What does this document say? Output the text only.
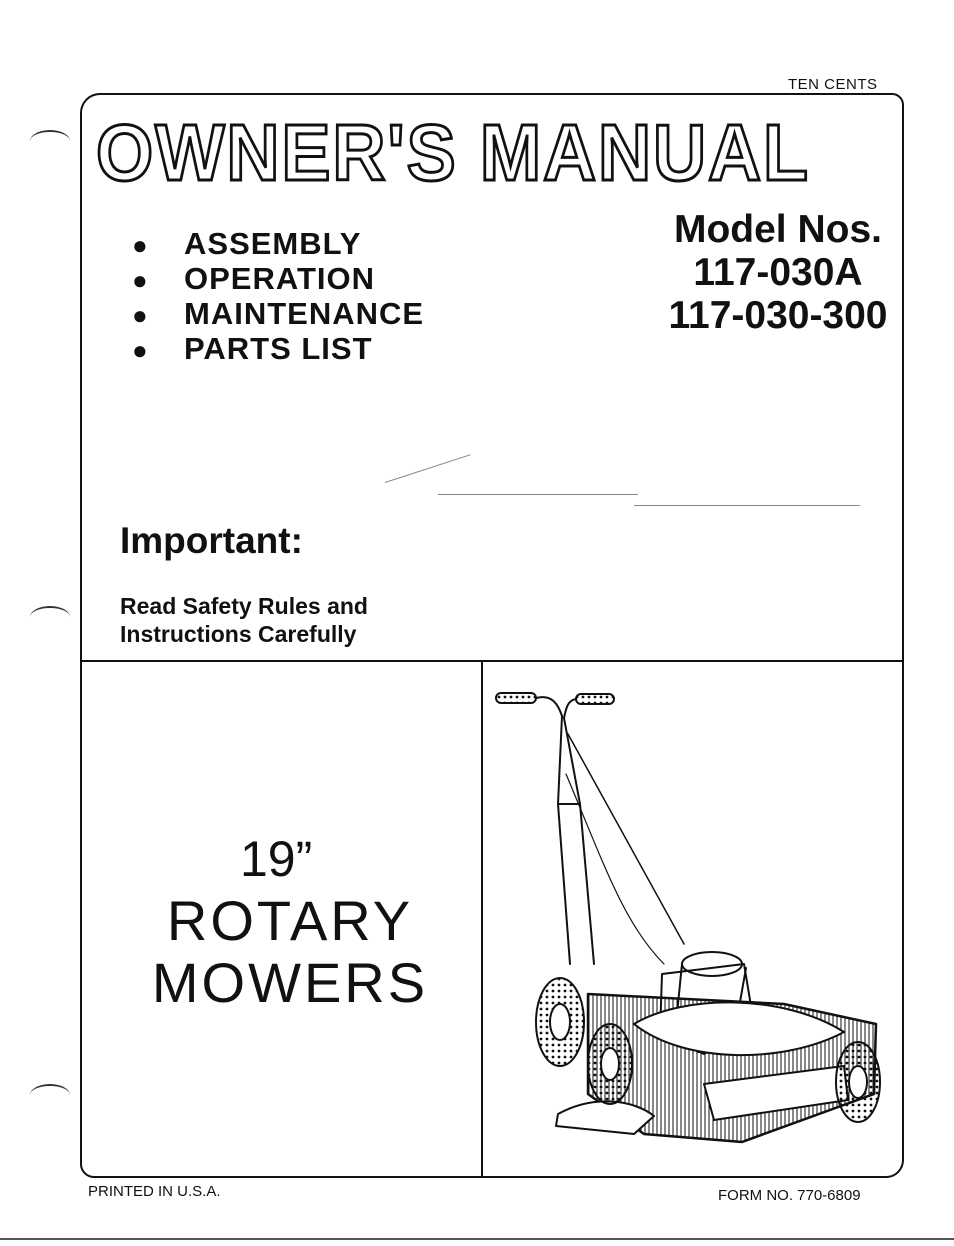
TEN CENTS
OWNER'S MANUAL
● ASSEMBLY
● OPERATION
● MAINTENANCE
● PARTS LIST
Model Nos.
117-030A
117-030-300
Important:
Read Safety Rules and
Instructions Carefully
19”
ROTARY
MOWERS
PRINTED IN U.S.A.	FORM NO. 770-6809
